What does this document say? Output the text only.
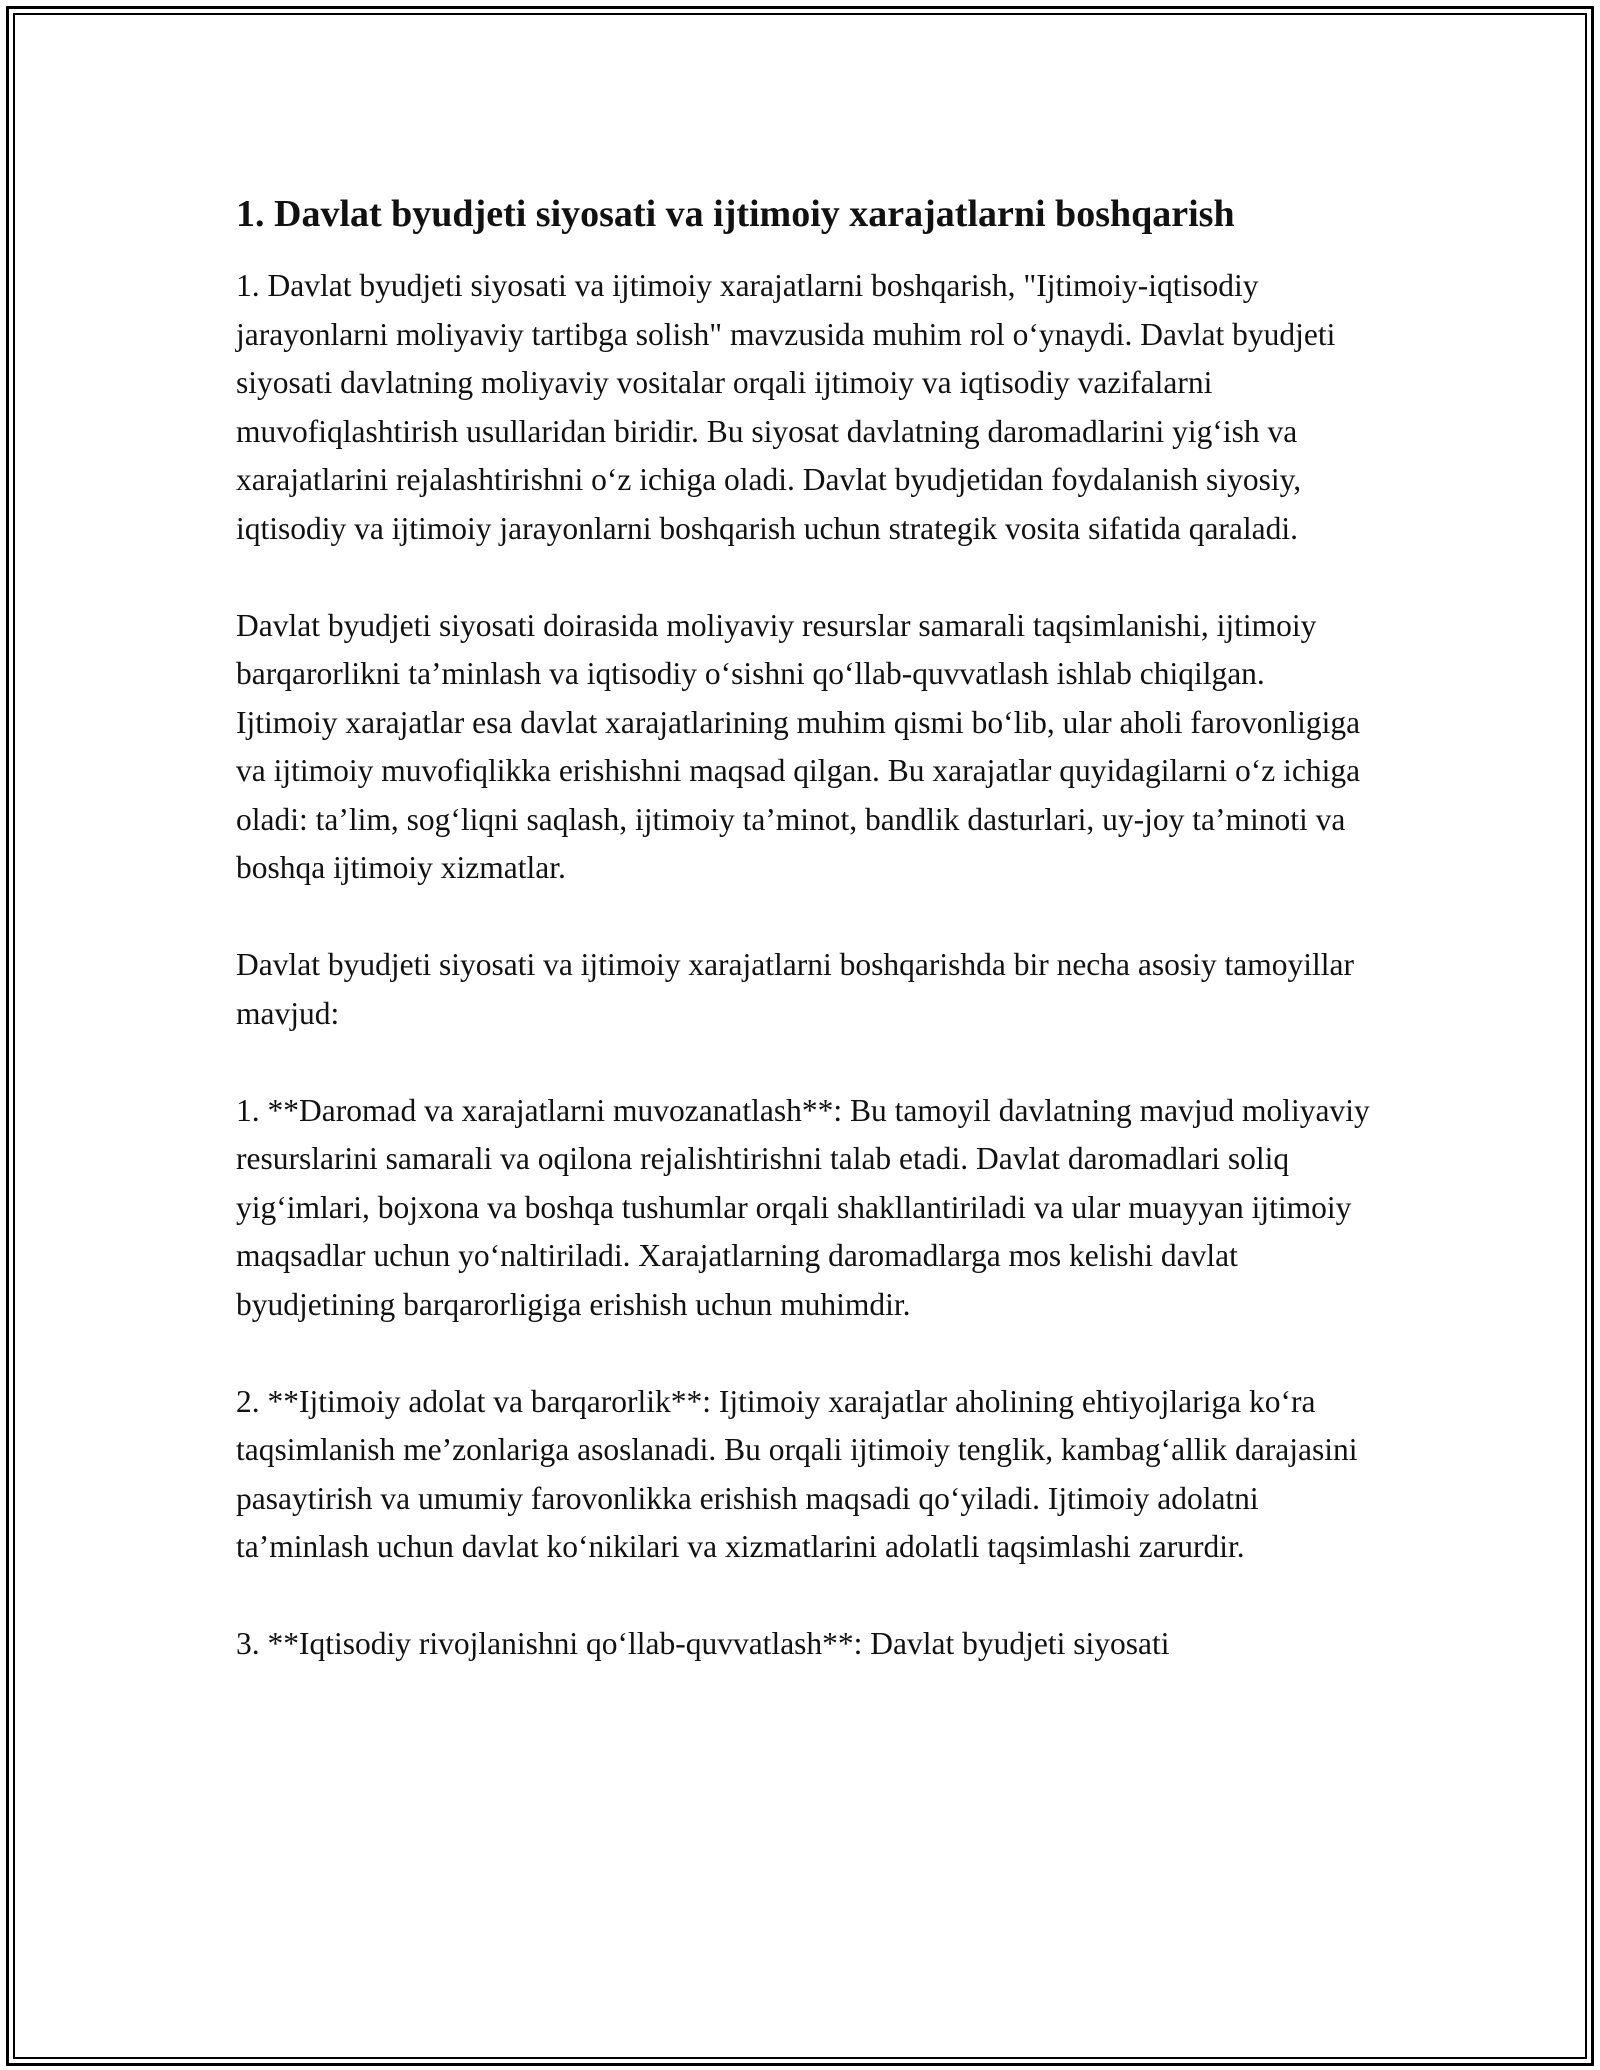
1. Davlat byudjeti siyosati va ijtimoiy xarajatlarni boshqarish

1. Davlat byudjeti siyosati va ijtimoiy xarajatlarni boshqarish, "Ijtimoiy-iqtisodiy jarayonlarni moliyaviy tartibga solish" mavzusida muhim rol o‘ynaydi. Davlat byudjeti siyosati davlatning moliyaviy vositalar orqali ijtimoiy va iqtisodiy vazifalarni muvofiqlashtirish usullaridan biridir. Bu siyosat davlatning daromadlarini yig‘ish va xarajatlarini rejalashtirishni o‘z ichiga oladi. Davlat byudjetidan foydalanish siyosiy, iqtisodiy va ijtimoiy jarayonlarni boshqarish uchun strategik vosita sifatida qaraladi.

Davlat byudjeti siyosati doirasida moliyaviy resurslar samarali taqsimlanishi, ijtimoiy barqarorlikni ta’minlash va iqtisodiy o‘sishni qo‘llab-quvvatlash ishlab chiqilgan. Ijtimoiy xarajatlar esa davlat xarajatlarining muhim qismi bo‘lib, ular aholi farovonligiga va ijtimoiy muvofiqlikka erishishni maqsad qilgan. Bu xarajatlar quyidagilarni o‘z ichiga oladi: ta’lim, sog‘liqni saqlash, ijtimoiy ta’minot, bandlik dasturlari, uy-joy ta’minoti va boshqa ijtimoiy xizmatlar.

Davlat byudjeti siyosati va ijtimoiy xarajatlarni boshqarishda bir necha asosiy tamoyillar mavjud:

1. **Daromad va xarajatlarni muvozanatlash**: Bu tamoyil davlatning mavjud moliyaviy resurslarini samarali va oqilona rejalishtirishni talab etadi. Davlat daromadlari soliq yig‘imlari, bojxona va boshqa tushumlar orqali shakllantiriladi va ular muayyan ijtimoiy maqsadlar uchun yo‘naltiriladi. Xarajatlarning daromadlarga mos kelishi davlat byudjetining barqarorligiga erishish uchun muhimdir.

2. **Ijtimoiy adolat va barqarorlik**: Ijtimoiy xarajatlar aholining ehtiyojlariga ko‘ra taqsimlanish me’zonlariga asoslanadi. Bu orqali ijtimoiy tenglik, kambag‘allik darajasini pasaytirish va umumiy farovonlikka erishish maqsadi qo‘yiladi. Ijtimoiy adolatni ta’minlash uchun davlat ko‘nikilari va xizmatlarini adolatli taqsimlashi zarurdir.

3. **Iqtisodiy rivojlanishni qo‘llab-quvvatlash**: Davlat byudjeti siyosati
